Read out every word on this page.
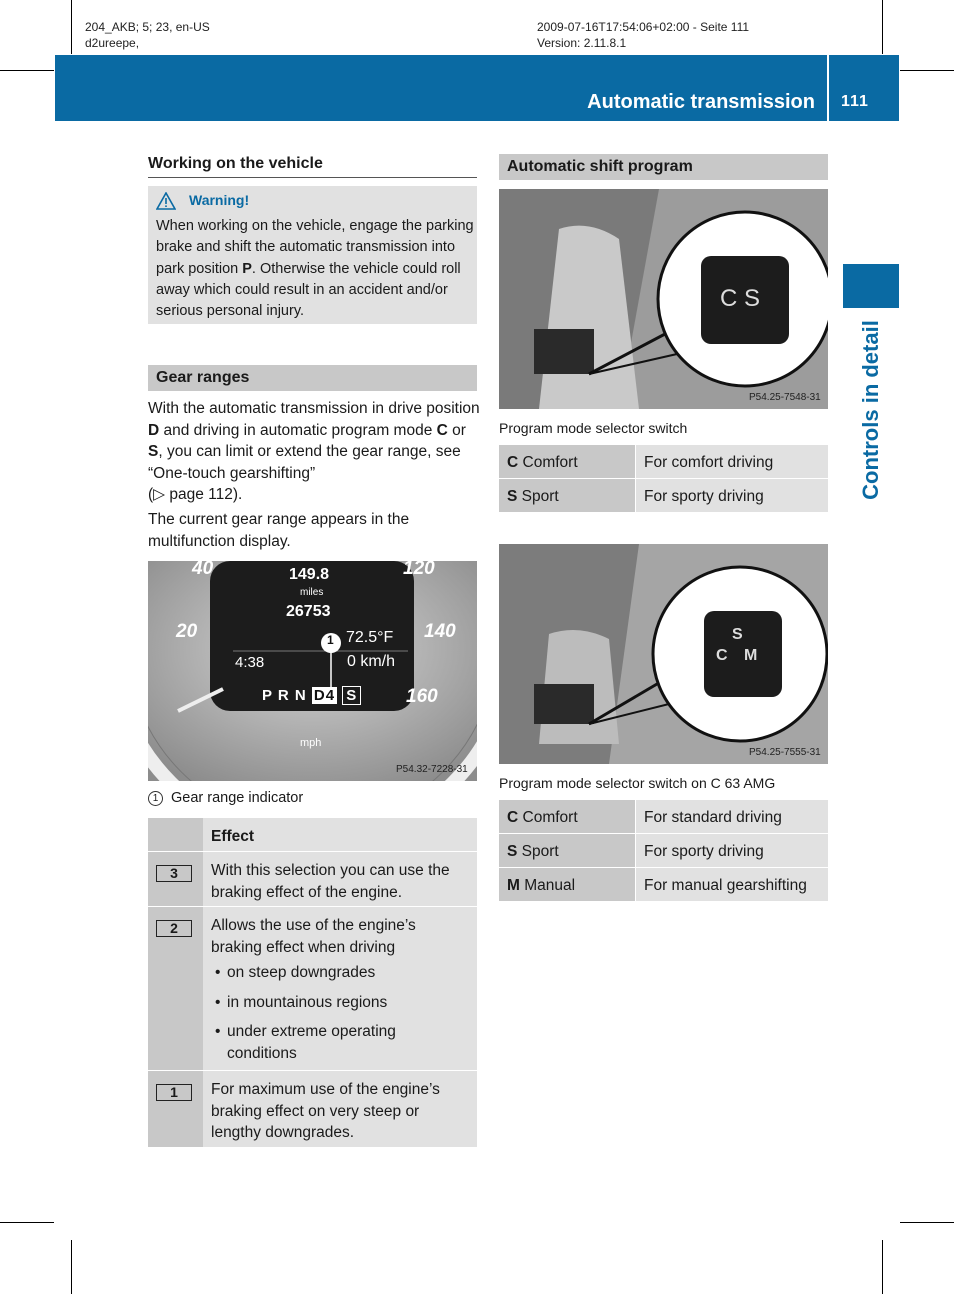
204_AKB; 5; 23, en-US
d2ureepe,
2009-07-16T17:54:06+02:00 - Seite 111
Version: 2.11.8.1
Automatic transmission 111
Controls in detail
Working on the vehicle
Warning!
When working on the vehicle, engage the parking brake and shift the automatic transmission into park position P. Otherwise the vehicle could roll away which could result in an accident and/or serious personal injury.
Gear ranges
With the automatic transmission in drive position D and driving in automatic program mode C or S, you can limit or extend the gear range, see “One-touch gearshifting”
(▷ page 112).
The current gear range appears in the multifunction display.
40	120
20	140
160
149.8
miles
26753
1 72.5°F
4:38	0 km/h
P R N D4 S
mph
P54.32-7228-31
1 Gear range indicator
Effect
3	With this selection you can use the braking effect of the engine.
2	Allows the use of the engine’s braking effect when driving
• on steep downgrades
• in mountainous regions
• under extreme operating conditions
1	For maximum use of the engine’s braking effect on very steep or lengthy downgrades.
Automatic shift program
C S
P54.25-7548-31
Program mode selector switch
C Comfort	For comfort driving
S Sport	For sporty driving
S
C M
P54.25-7555-31
Program mode selector switch on C 63 AMG
C Comfort	For standard driving
S Sport	For sporty driving
M Manual	For manual gearshifting
